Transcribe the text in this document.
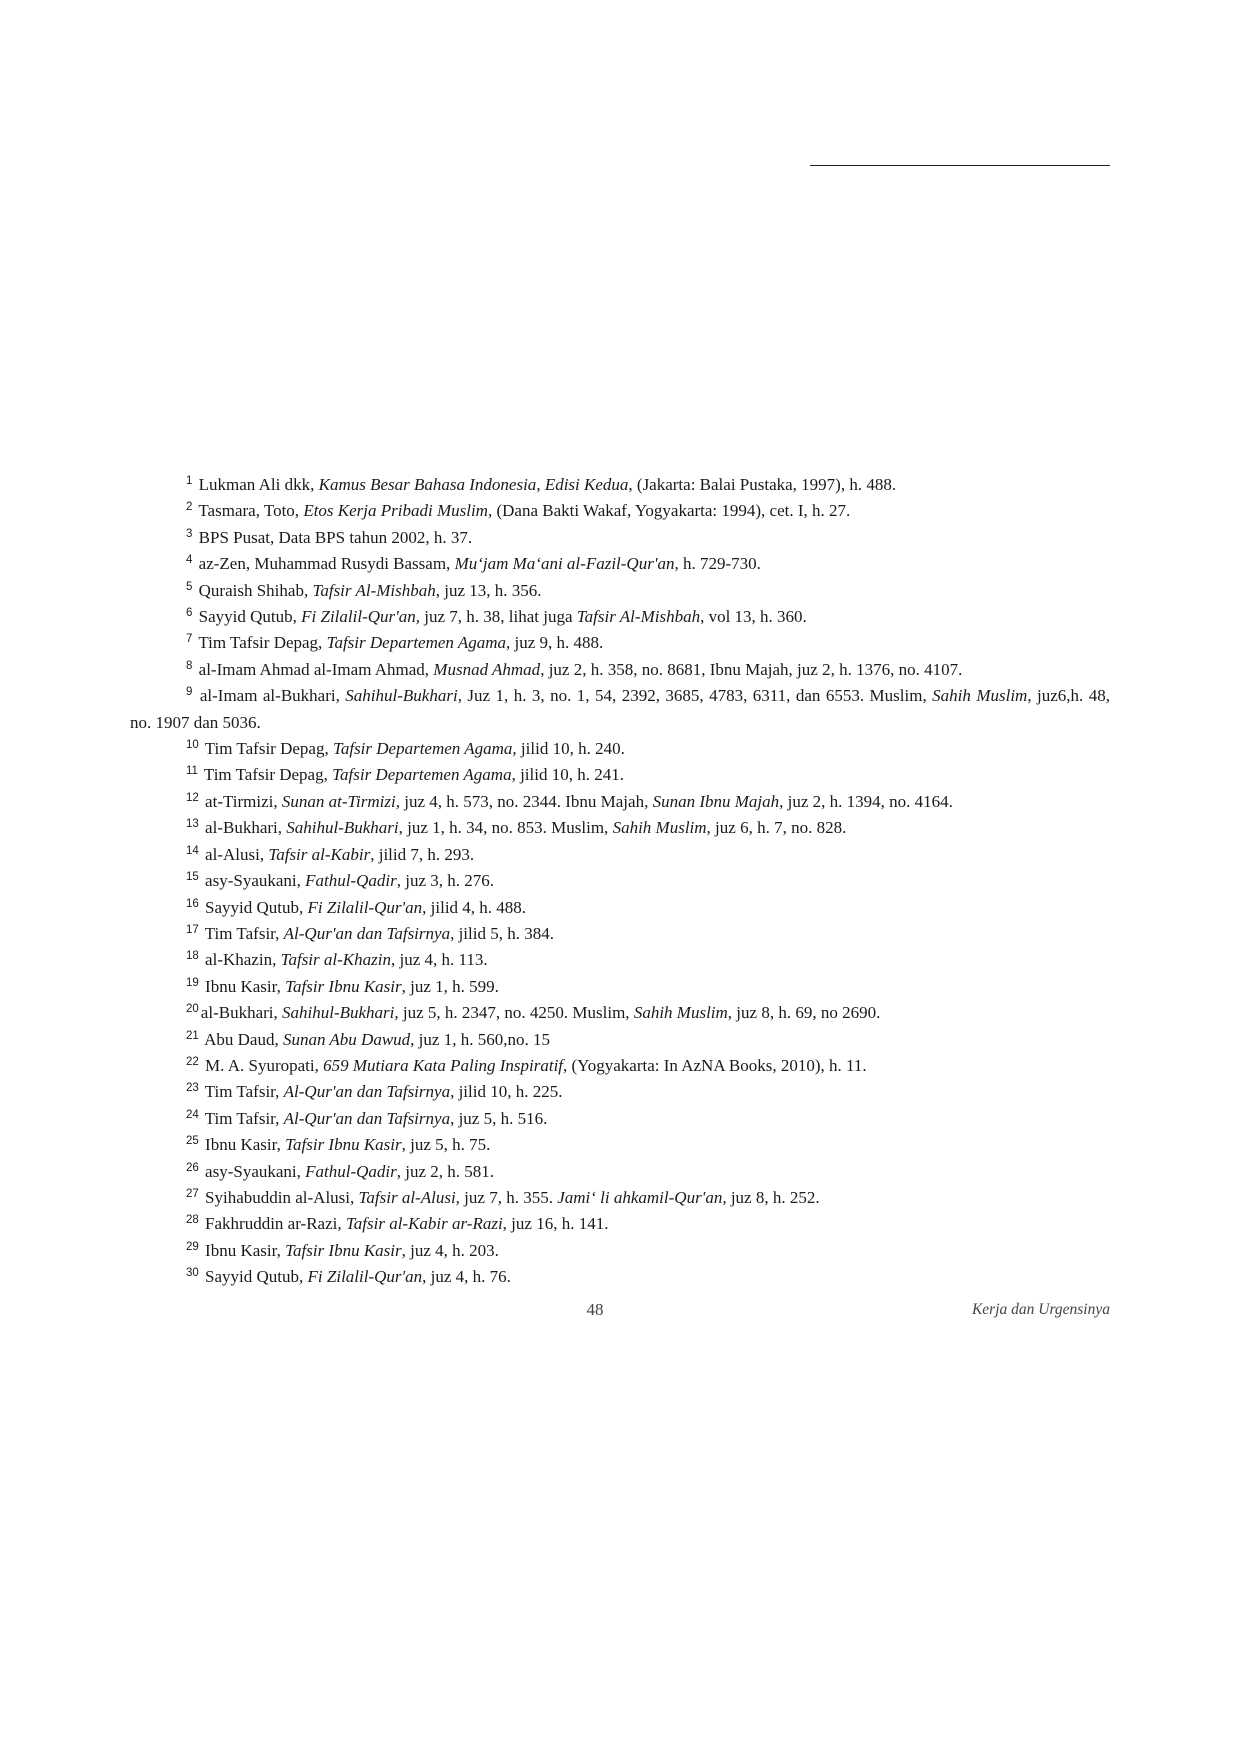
$^1$ Lukman Ali dkk, Kamus Besar Bahasa Indonesia, Edisi Kedua, (Jakarta: Balai Pustaka, 1997), h. 488.
$^2$ Tasmara, Toto, Etos Kerja Pribadi Muslim, (Dana Bakti Wakaf, Yogyakarta: 1994), cet. I, h. 27.
$^3$ BPS Pusat, Data BPS tahun 2002, h. 37.
$^4$ az-Zen, Muhammad Rusydi Bassam, Mu‘jam Ma‘ani al-Fazil-Qur'an, h. 729-730.
$^5$ Quraish Shihab, Tafsir Al-Mishbah, juz 13, h. 356.
$^6$ Sayyid Qutub, Fi Zilalil-Qur'an, juz 7, h. 38, lihat juga Tafsir Al-Mishbah, vol 13, h. 360.
$^7$ Tim Tafsir Depag, Tafsir Departemen Agama, juz 9, h. 488.
$^8$ al-Imam Ahmad al-Imam Ahmad, Musnad Ahmad, juz 2, h. 358, no. 8681, Ibnu Majah, juz 2, h. 1376, no. 4107.
$^9$ al-Imam al-Bukhari, Sahihul-Bukhari, Juz 1, h. 3, no. 1, 54, 2392, 3685, 4783, 6311, dan 6553. Muslim, Sahih Muslim, juz6,h. 48, no. 1907 dan 5036.
$^{10}$ Tim Tafsir Depag, Tafsir Departemen Agama, jilid 10, h. 240.
$^{11}$ Tim Tafsir Depag, Tafsir Departemen Agama, jilid 10, h. 241.
$^{12}$ at-Tirmizi, Sunan at-Tirmizi, juz 4, h. 573, no. 2344. Ibnu Majah, Sunan Ibnu Majah, juz 2, h. 1394, no. 4164.
$^{13}$ al-Bukhari, Sahihul-Bukhari, juz 1, h. 34, no. 853. Muslim, Sahih Muslim, juz 6, h. 7, no. 828.
$^{14}$ al-Alusi, Tafsir al-Kabir, jilid 7, h. 293.
$^{15}$ asy-Syaukani, Fathul-Qadir, juz 3, h. 276.
$^{16}$ Sayyid Qutub, Fi Zilalil-Qur'an, jilid 4, h. 488.
$^{17}$ Tim Tafsir, Al-Qur'an dan Tafsirnya, jilid 5, h. 384.
$^{18}$ al-Khazin, Tafsir al-Khazin, juz 4, h. 113.
$^{19}$ Ibnu Kasir, Tafsir Ibnu Kasir, juz 1, h. 599.
$^{20}$ al-Bukhari, Sahihul-Bukhari, juz 5, h. 2347, no. 4250. Muslim, Sahih Muslim, juz 8, h. 69, no 2690.
$^{21}$ Abu Daud, Sunan Abu Dawud, juz 1, h. 560,no. 15
$^{22}$ M. A. Syuropati, 659 Mutiara Kata Paling Inspiratif, (Yogyakarta: In AzNA Books, 2010), h. 11.
$^{23}$ Tim Tafsir, Al-Qur'an dan Tafsirnya, jilid 10, h. 225.
$^{24}$ Tim Tafsir, Al-Qur'an dan Tafsirnya, juz 5, h. 516.
$^{25}$ Ibnu Kasir, Tafsir Ibnu Kasir, juz 5, h. 75.
$^{26}$ asy-Syaukani, Fathul-Qadir, juz 2, h. 581.
$^{27}$ Syihabuddin al-Alusi, Tafsir al-Alusi, juz 7, h. 355. Jami‘ li ahkamil-Qur'an, juz 8, h. 252.
$^{28}$ Fakhruddin ar-Razi, Tafsir al-Kabir ar-Razi, juz 16, h. 141.
$^{29}$ Ibnu Kasir, Tafsir Ibnu Kasir, juz 4, h. 203.
$^{30}$ Sayyid Qutub, Fi Zilalil-Qur'an, juz 4, h. 76.
48	Kerja dan Urgensinya
